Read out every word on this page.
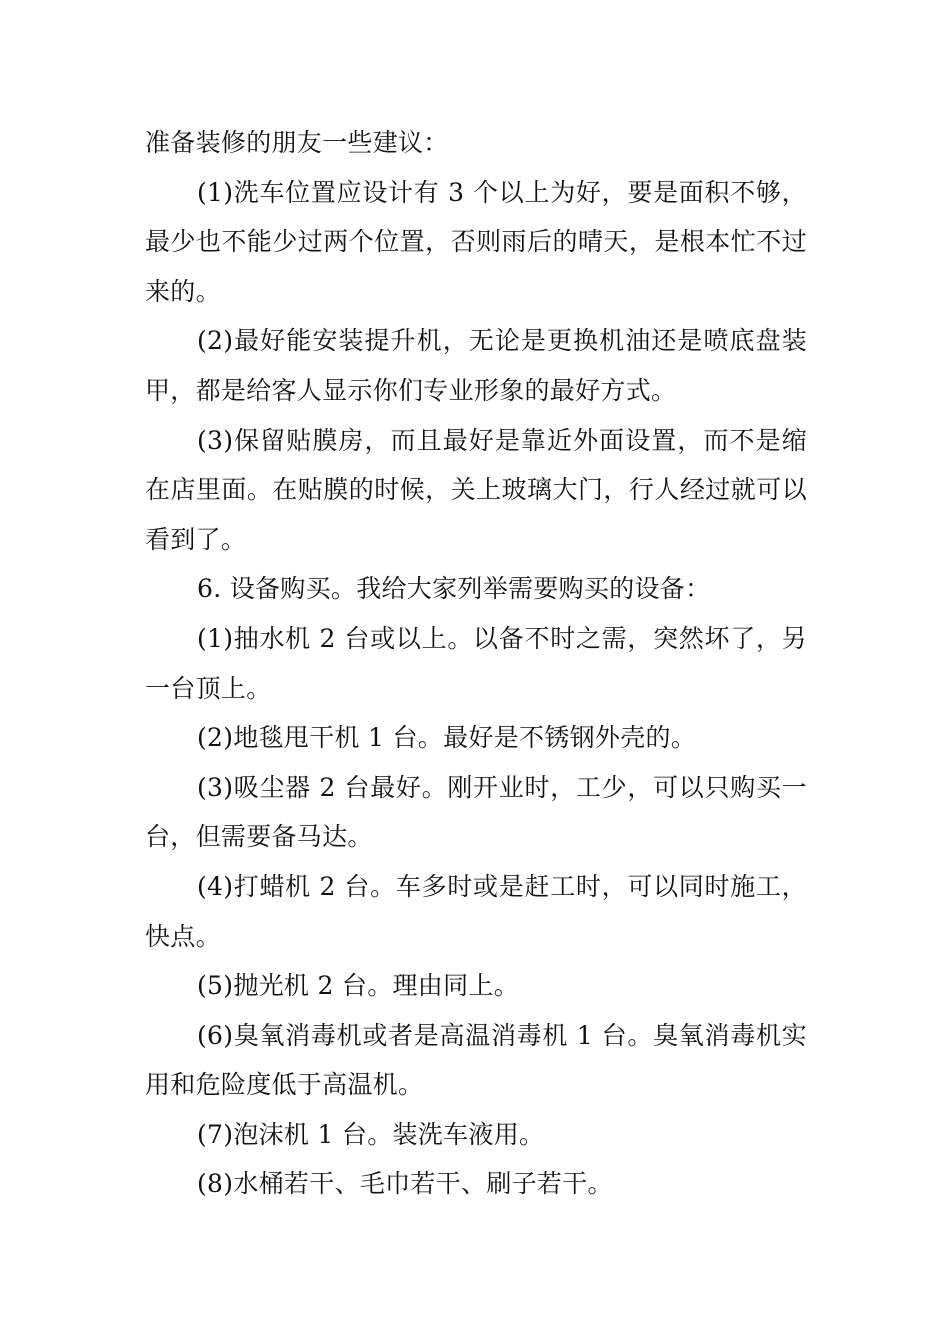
准备装修的朋友一些建议：

(1)洗车位置应设计有 3 个以上为好，要是面积不够，最少也不能少过两个位置，否则雨后的晴天，是根本忙不过来的。

(2)最好能安装提升机，无论是更换机油还是喷底盘装甲，都是给客人显示你们专业形象的最好方式。

(3)保留贴膜房，而且最好是靠近外面设置，而不是缩在店里面。在贴膜的时候，关上玻璃大门，行人经过就可以看到了。

6. 设备购买。我给大家列举需要购买的设备：

(1)抽水机 2 台或以上。以备不时之需，突然坏了，另一台顶上。

(2)地毯甩干机 1 台。最好是不锈钢外壳的。

(3)吸尘器 2 台最好。刚开业时，工少，可以只购买一台，但需要备马达。

(4)打蜡机 2 台。车多时或是赶工时，可以同时施工，快点。

(5)抛光机 2 台。理由同上。

(6)臭氧消毒机或者是高温消毒机 1 台。臭氧消毒机实用和危险度低于高温机。

(7)泡沫机 1 台。装洗车液用。

(8)水桶若干、毛巾若干、刷子若干。
